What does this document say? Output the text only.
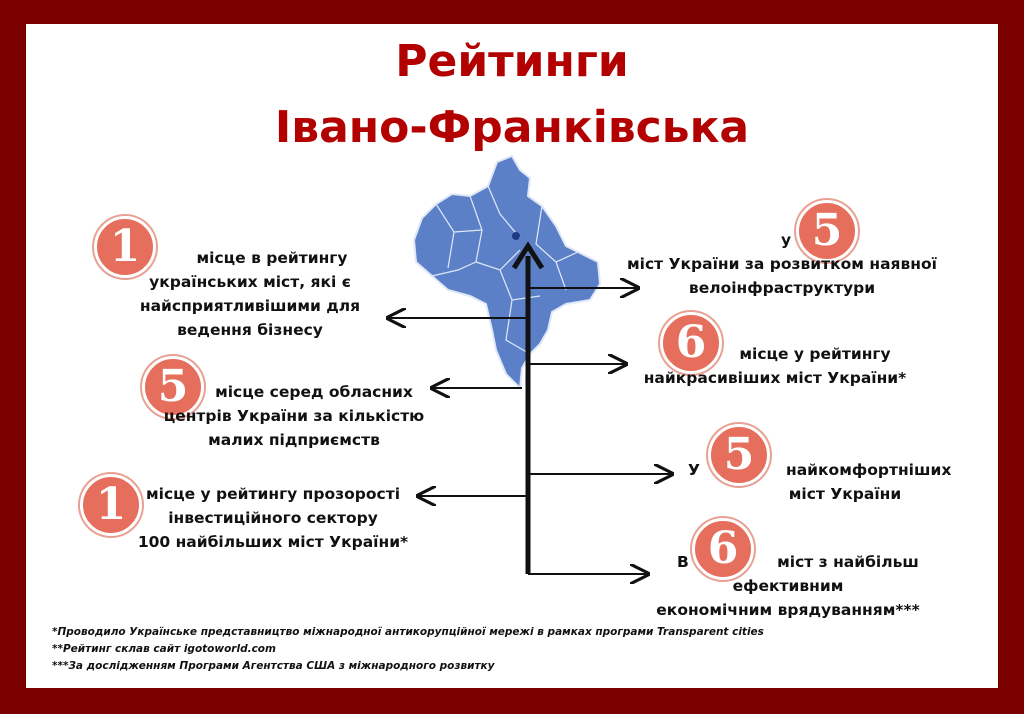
Рейтинги
Івано-Франківська
1	місце в рейтингу
українських міст, які є
найсприятливішими для
ведення бізнесу
5	місце серед обласних
центрів України за кількістю
малих підприємств
1	місце у рейтингу прозорості
інвестиційного сектору
100 найбільших міст України*
у 5
міст України за розвитком наявної
велоінфраструктури
6	місце у рейтингу
найкрасивіших міст України*
У 5	найкомфортніших
міст України
В 6	міст з найбільш
ефективним
економічним врядуванням***
*Проводило Українське представництво міжнародної антикорупційної мережі в рамках програми Transparent cities
**Рейтинг склав сайт igotoworld.com
***За дослідженням Програми Агентства США з міжнародного розвитку
